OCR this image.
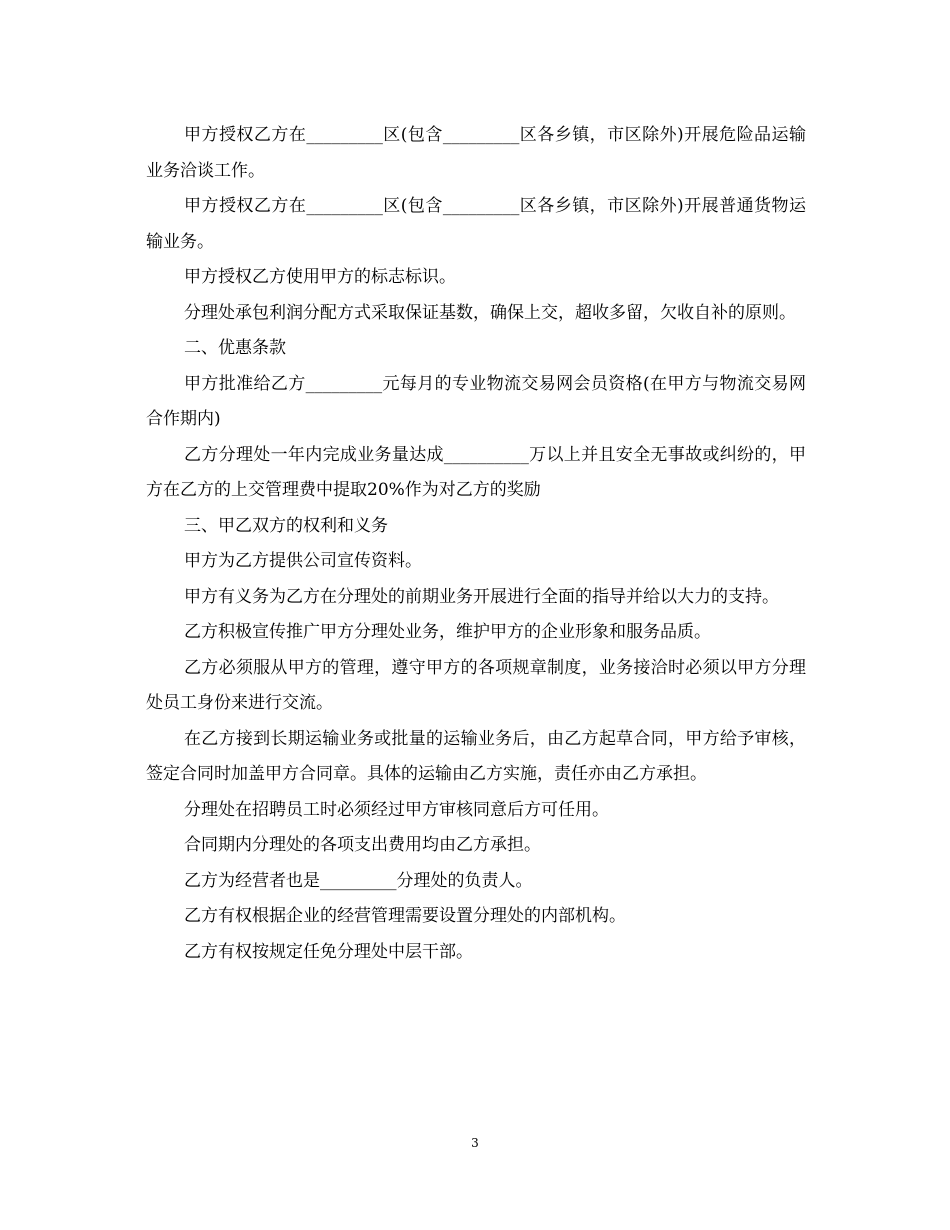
甲方授权乙方在_________区(包含_________区各乡镇，市区除外)开展危险品运输业务洽谈工作。

甲方授权乙方在_________区(包含_________区各乡镇，市区除外)开展普通货物运输业务。

甲方授权乙方使用甲方的标志标识。

分理处承包利润分配方式采取保证基数，确保上交，超收多留，欠收自补的原则。

二、优惠条款

甲方批准给乙方_________元每月的专业物流交易网会员资格(在甲方与物流交易网合作期内)

乙方分理处一年内完成业务量达成__________万以上并且安全无事故或纠纷的，甲方在乙方的上交管理费中提取20%作为对乙方的奖励

三、甲乙双方的权利和义务

甲方为乙方提供公司宣传资料。

甲方有义务为乙方在分理处的前期业务开展进行全面的指导并给以大力的支持。

乙方积极宣传推广甲方分理处业务，维护甲方的企业形象和服务品质。

乙方必须服从甲方的管理，遵守甲方的各项规章制度，业务接洽时必须以甲方分理处员工身份来进行交流。

在乙方接到长期运输业务或批量的运输业务后，由乙方起草合同，甲方给予审核，签定合同时加盖甲方合同章。具体的运输由乙方实施，责任亦由乙方承担。

分理处在招聘员工时必须经过甲方审核同意后方可任用。

合同期内分理处的各项支出费用均由乙方承担。

乙方为经营者也是_________分理处的负责人。

乙方有权根据企业的经营管理需要设置分理处的内部机构。

乙方有权按规定任免分理处中层干部。

3
